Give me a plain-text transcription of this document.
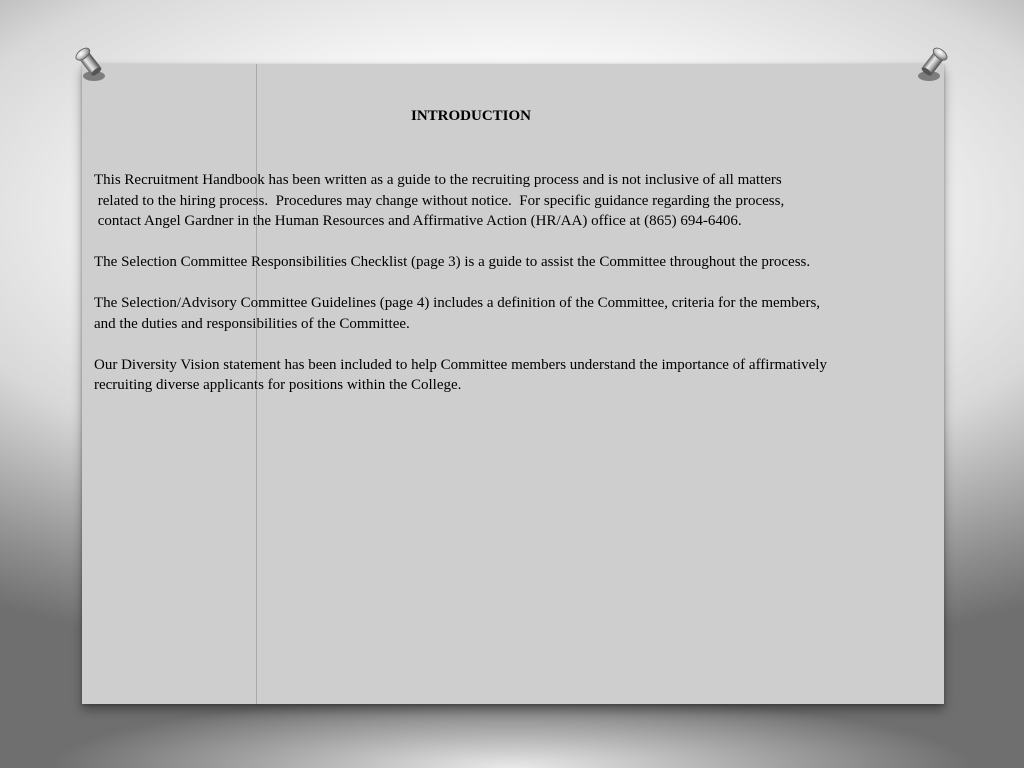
INTRODUCTION

This Recruitment Handbook has been written as a guide to the recruiting process and is not inclusive of all matters
related to the hiring process.  Procedures may change without notice.  For specific guidance regarding the process,
contact Angel Gardner in the Human Resources and Affirmative Action (HR/AA) office at (865) 694-6406.

The Selection Committee Responsibilities Checklist (page 3) is a guide to assist the Committee throughout the process.

The Selection/Advisory Committee Guidelines (page 4) includes a definition of the Committee, criteria for the members,
and the duties and responsibilities of the Committee.

Our Diversity Vision statement has been included to help Committee members understand the importance of affirmatively
recruiting diverse applicants for positions within the College.
